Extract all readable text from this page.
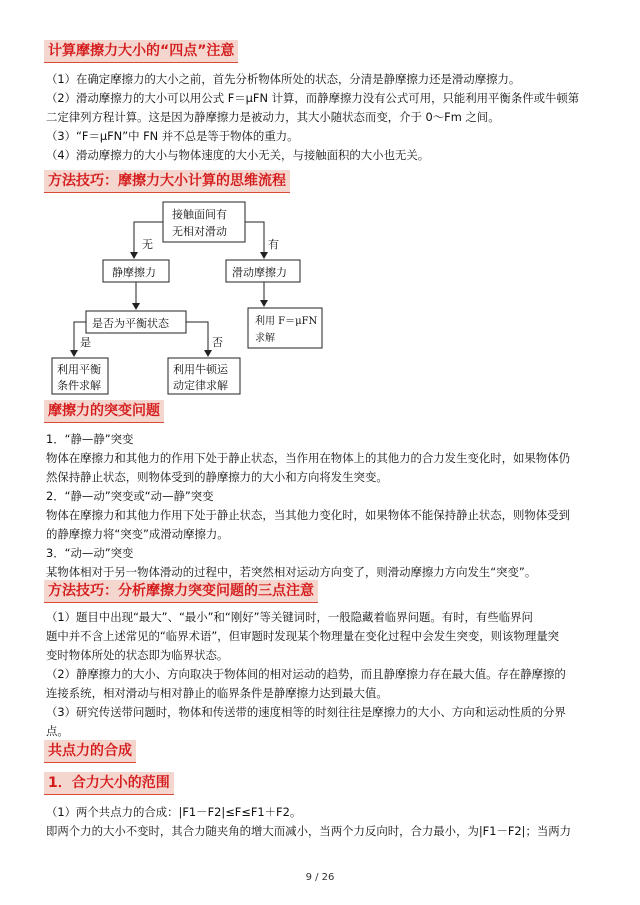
计算摩擦力大小的“四点”注意

（1）在确定摩擦力的大小之前，首先分析物体所处的状态，分清是静摩擦力还是滑动摩擦力。

（2）滑动摩擦力的大小可以用公式 F＝μFN 计算，而静摩擦力没有公式可用，只能利用平衡条件或牛顿第

二定律列方程计算。这是因为静摩擦力是被动力，其大小随状态而变，介于 0～Fm 之间。

（3）“F＝μFN”中 FN 并不总是等于物体的重力。

（4）滑动摩擦力的大小与物体速度的大小无关，与接触面积的大小也无关。

方法技巧：摩擦力大小计算的思维流程
接触面间有
无相对滑动
无	有
静摩擦力	滑动摩擦力
是否为平衡状态	利用 F＝μFN
求解
是	否
利用平衡
条件求解
利用牛顿运
动定律求解
摩擦力的突变问题

1．“静—静”突变

物体在摩擦力和其他力的作用下处于静止状态，当作用在物体上的其他力的合力发生变化时，如果物体仍

然保持静止状态，则物体受到的静摩擦力的大小和方向将发生突变。

2．“静—动”突变或“动—静”突变

物体在摩擦力和其他力作用下处于静止状态，当其他力变化时，如果物体不能保持静止状态，则物体受到

的静摩擦力将“突变”成滑动摩擦力。

3．“动—动”突变

某物体相对于另一物体滑动的过程中，若突然相对运动方向变了，则滑动摩擦力方向发生“突变”。

方法技巧：分析摩擦力突变问题的三点注意

（1）题目中出现“最大”、“最小”和“刚好”等关键词时，一般隐藏着临界问题。有时，有些临界问

题中并不含上述常见的“临界术语”，但审题时发现某个物理量在变化过程中会发生突变，则该物理量突

变时物体所处的状态即为临界状态。

（2）静摩擦力的大小、方向取决于物体间的相对运动的趋势，而且静摩擦力存在最大值。存在静摩擦的

连接系统，相对滑动与相对静止的临界条件是静摩擦力达到最大值。

（3）研究传送带问题时，物体和传送带的速度相等的时刻往往是摩擦力的大小、方向和运动性质的分界

点。

共点力的合成
1．合力大小的范围

（1）两个共点力的合成：|F1－F2|≤F≤F1＋F2。

即两个力的大小不变时，其合力随夹角的增大而减小，当两个力反向时，合力最小，为|F1－F2|；当两力

9 / 26
